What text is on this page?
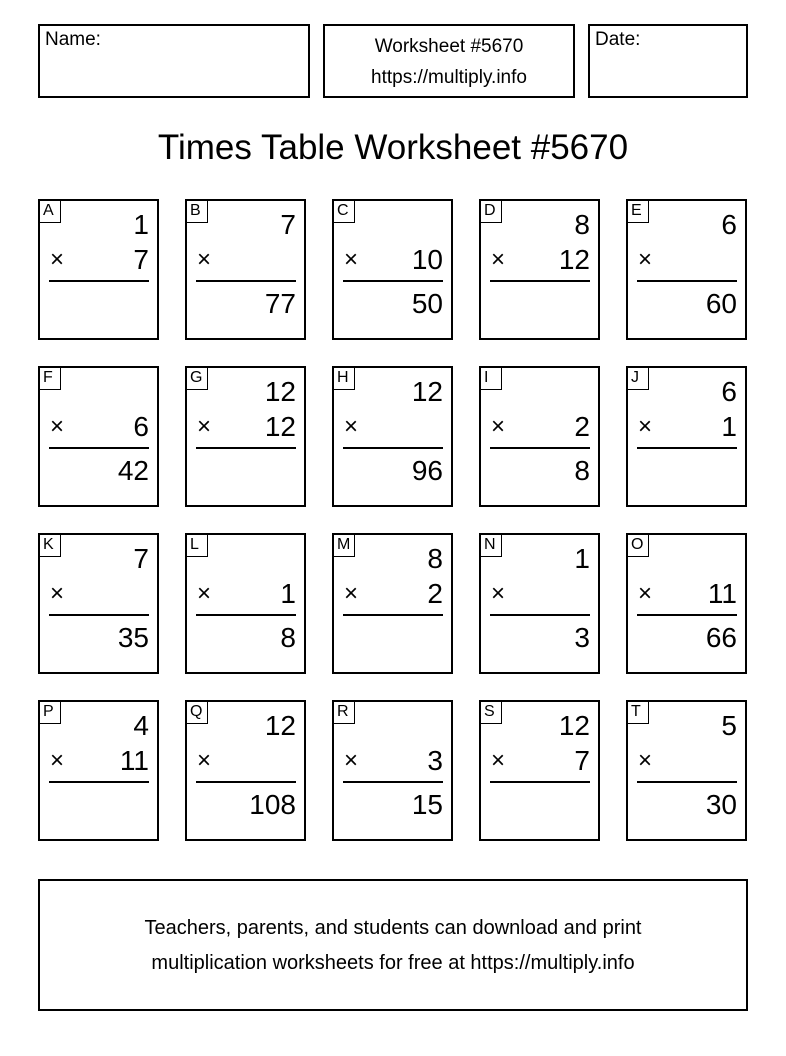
Name:	Worksheet #5670
https://multiply.info
Date:
Times Table Worksheet #5670
A	1
× 7
B	7
×
77
C
× 10
50
D	8
× 12
E	6
×
60
F
× 6
42
G 12
× 12
H 12
×
96
I
× 2
8
J	6
× 1
K	7
×
35
L
× 1
8
M	8
× 2
N	1
×
3
O
× 11
66
P	4
× 11
Q 12
×
108
R
× 3
15
S 12
× 7
T	5
×
30
Teachers, parents, and students can download and print
multiplication worksheets for free at https://multiply.info
